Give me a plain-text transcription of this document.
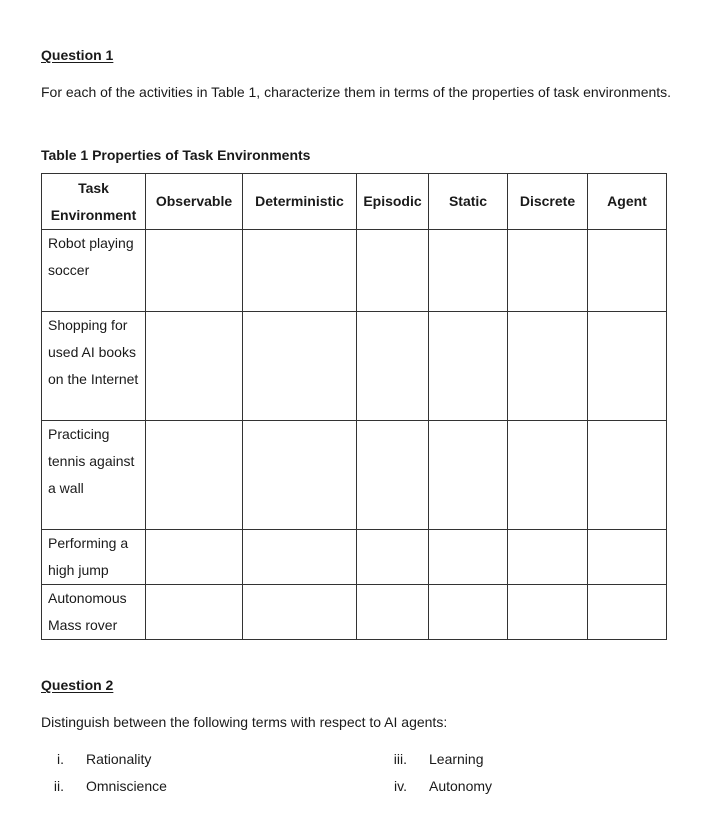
Question 1
For each of the activities in Table 1, characterize them in terms of the properties of task environments.
Table 1 Properties of Task Environments
Task Environment	Observable	Deterministic	Episodic	Static	Discrete	Agent
Robot playing soccer						
Shopping for used AI books on the Internet						
Practicing tennis against a wall						
Performing a high jump						
Autonomous Mass rover						
Question 2
Distinguish between the following terms with respect to AI agents:
i. Rationality
ii. Omniscience
iii. Learning
iv. Autonomy
